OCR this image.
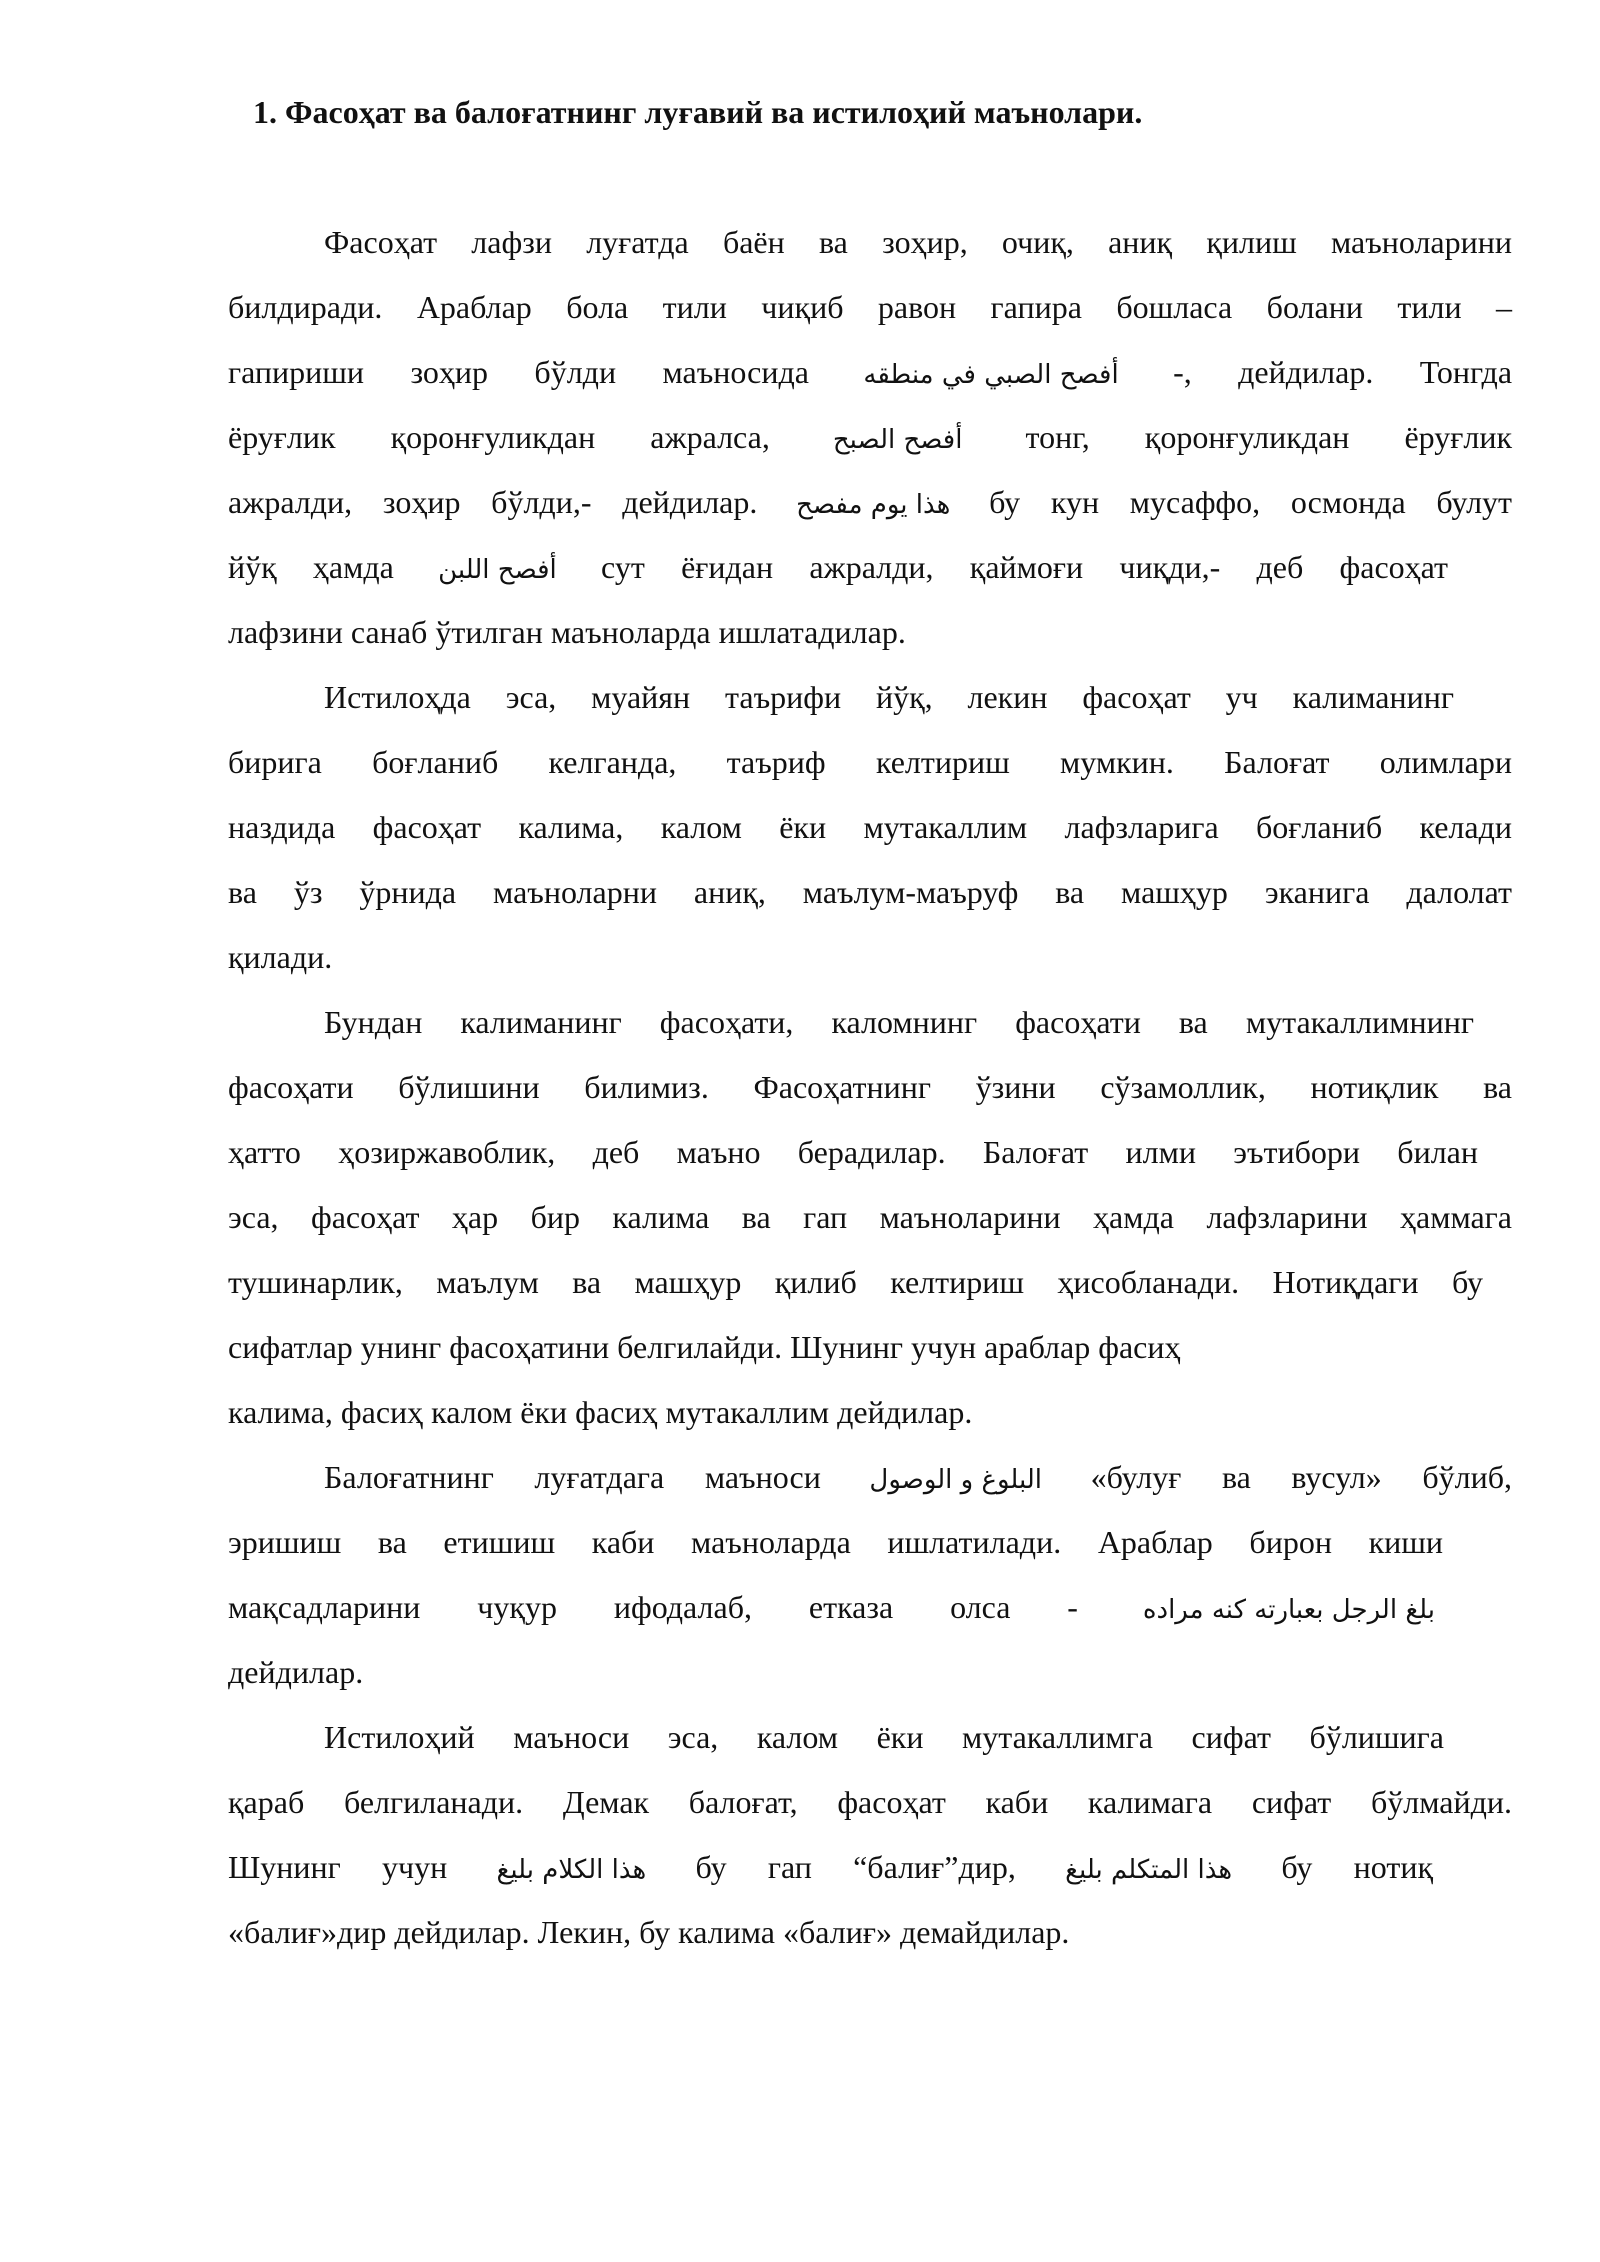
1. Фасоҳат ва балоғатнинг луғавий ва истилоҳий маънолари.
Фасоҳат лафзи луғатда баён ва зоҳир, очиқ, аниқ қилиш маъноларини
билдиради. Араблар бола тили чиқиб равон гапира бошласа болани тили –
гапириши зоҳир бўлди маъносида أفصح الصبي في منطقه -, дейдилар. Тонгда
ёруғлик қоронғуликдан ажралса, أفصح الصبح тонг, қоронғуликдан ёруғлик
ажралди, зоҳир бўлди,- дейдилар. هذا يوم مفصح бу кун мусаффо, осмонда булут
йўқ ҳамда أفصح اللبن сут ёғидан ажралди, қаймоғи чиқди,- деб фасоҳат
лафзини санаб ўтилган маъноларда ишлатадилар.
Истилоҳда эса, муайян таърифи йўқ, лекин фасоҳат уч калиманинг
бирига боғланиб келганда, таъриф келтириш мумкин. Балоғат олимлари
наздида фасоҳат калима, калом ёки мутакаллим лафзларига боғланиб келади
ва ўз ўрнида маъноларни аниқ, маълум-маъруф ва машҳур эканига далолат
қилади.
Бундан калиманинг фасоҳати, каломнинг фасоҳати ва мутакаллимнинг
фасоҳати бўлишини билимиз. Фасоҳатнинг ўзини сўзамоллик, нотиқлик ва
ҳатто ҳозиржавоблик, деб маъно берадилар. Балоғат илми эътибори билан
эса, фасоҳат ҳар бир калима ва гап маъноларини ҳамда лафзларини ҳаммага
тушинарлик, маълум ва машҳур қилиб келтириш ҳисобланади. Нотиқдаги бу
сифатлар унинг фасоҳатини белгилайди. Шунинг учун араблар фасиҳ
калима, фасиҳ калом ёки фасиҳ мутакаллим дейдилар.
Балоғатнинг луғатдага маъноси البلوغ و الوصول «булуғ ва вусул» бўлиб,
эришиш ва етишиш каби маъноларда ишлатилади. Араблар бирон киши
мақсадларини чуқур ифодалаб, етказа олса - بلغ الرجل بعبارته كنه مراده
дейдилар.
Истилоҳий маъноси эса, калом ёки мутакаллимга сифат бўлишига
қараб белгиланади. Демак балоғат, фасоҳат каби калимага сифат бўлмайди.
Шунинг учун هذا الكلام بليغ бу гап “балиғ”дир, هذا المتكلم بليغ бу нотиқ
«балиғ»дир дейдилар. Лекин, бу калима «балиғ» демайдилар.
